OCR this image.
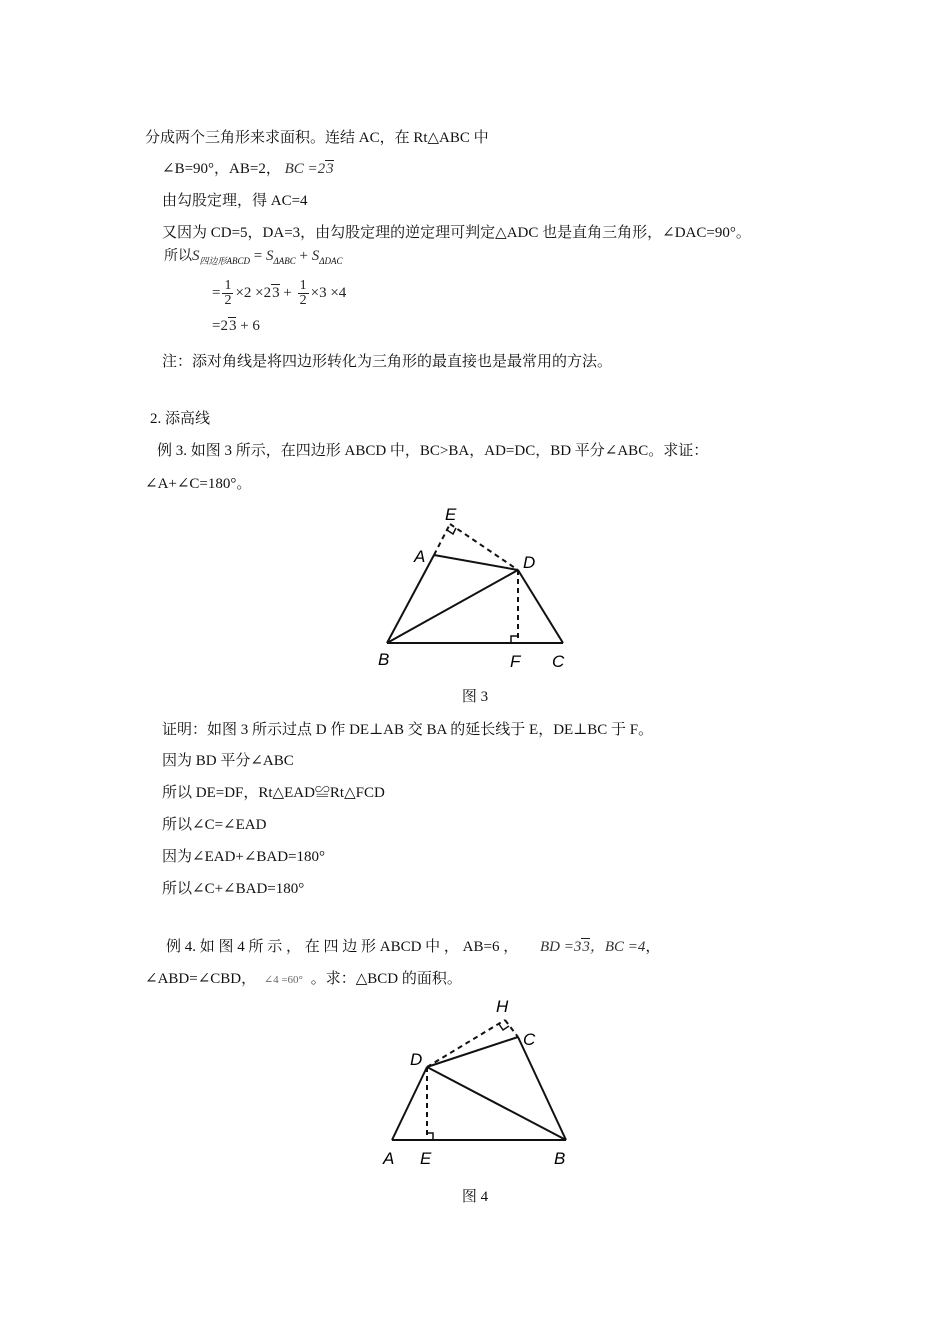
分成两个三角形来求面积。连结 AC，在 Rt△ABC 中
∠B=90°，AB=2， BC =23
由勾股定理，得 AC=4
又因为 CD=5，DA=3，由勾股定理的逆定理可判定△ADC 也是直角三角形，∠DAC=90°。
所以$S_{四边形ABCD} = S_{\Delta ABC} + S_{\Delta DAC}$
= $\frac{1}{2} \times 2 \times 23 + \frac{1}{2} \times 3 \times 4$
=23 + 6
注：添对角线是将四边形转化为三角形的最直接也是最常用的方法。
2. 添高线
例 3. 如图 3 所示，在四边形 ABCD 中，BC>BA，AD=DC，BD 平分∠ABC。求证：
∠A+∠C=180°。
E
A	D
B	F C
图 3
证明：如图 3 所示过点 D 作 DE⊥AB 交 BA 的延长线于 E，DE⊥BC 于 F。
因为 BD 平分∠ABC
所以 DE=DF，Rt△EAD≌Rt△FCD
所以∠C=∠EAD
因为∠EAD+∠BAD=180°
所以∠C+∠BAD=180°
例 4. 如 图 4 所 示 ， 在 四 边 形 ABCD 中 ， AB=6 ， BD =33，BC =4，
∠ABD=∠CBD， ∠4 =60° 。求：△BCD 的面积。
H
C
D
A E	B
图 4
